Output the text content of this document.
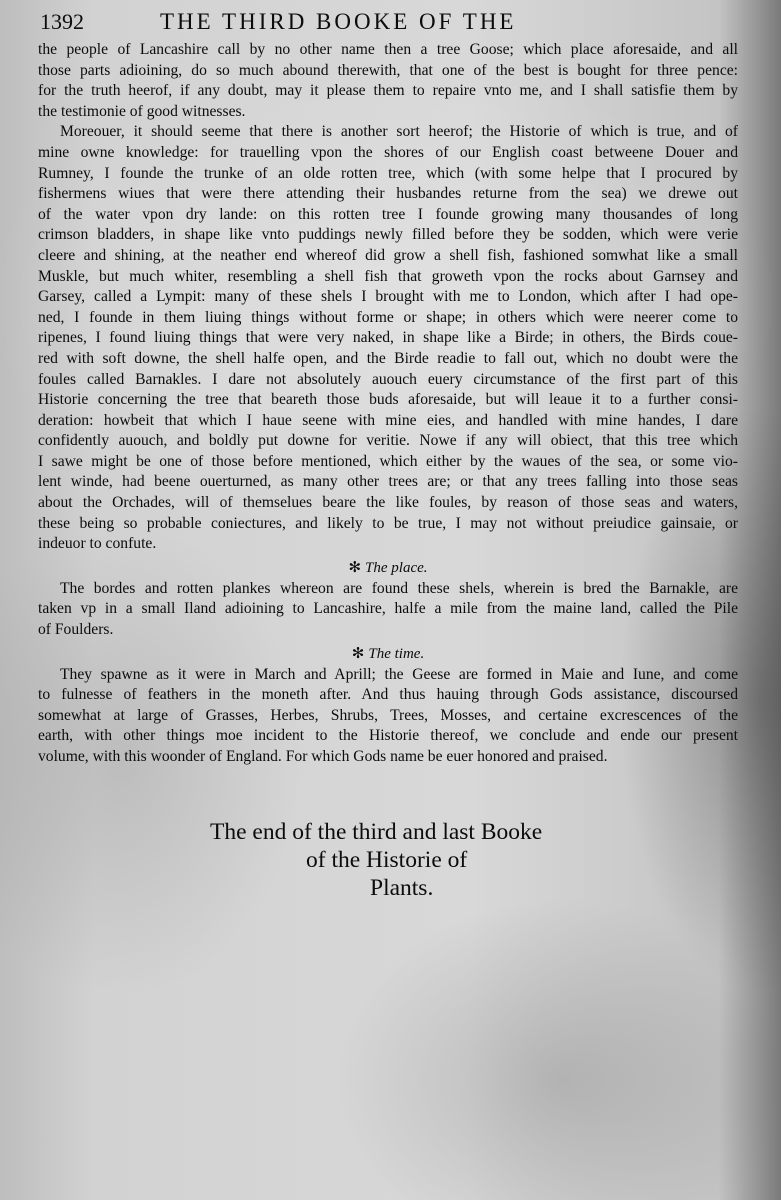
1392	THE THIRD BOOKE OF THE
the people of Lancashire call by no other name then a tree Goose; which place aforesaide, and all
those parts adioining, do so much abound therewith, that one of the best is bought for three pence:
for the truth heerof, if any doubt, may it please them to repaire vnto me, and I shall satisfie them by
the testimonie of good witnesses.
Moreouer, it should seeme that there is another sort heerof; the Historie of which is true, and of
mine owne knowledge: for trauelling vpon the shores of our English coast betweene Douer and
Rumney, I founde the trunke of an olde rotten tree, which (with some helpe that I procured by
fishermens wiues that were there attending their husbandes returne from the sea) we drewe out
of the water vpon dry lande: on this rotten tree I founde growing many thousandes of long
crimson bladders, in shape like vnto puddings newly filled before they be sodden, which were verie
cleere and shining, at the neather end whereof did grow a shell fish, fashioned somwhat like a small
Muskle, but much whiter, resembling a shell fish that groweth vpon the rocks about Garnsey and
Garsey, called a Lympit: many of these shels I brought with me to London, which after I had ope-
ned, I founde in them liuing things without forme or shape; in others which were neerer come to
ripenes, I found liuing things that were very naked, in shape like a Birde; in others, the Birds coue-
red with soft downe, the shell halfe open, and the Birde readie to fall out, which no doubt were the
foules called Barnakles. I dare not absolutely auouch euery circumstance of the first part of this
Historie concerning the tree that beareth those buds aforesaide, but will leaue it to a further consi-
deration: howbeit that which I haue seene with mine eies, and handled with mine handes, I dare
confidently auouch, and boldly put downe for veritie. Nowe if any will obiect, that this tree which
I sawe might be one of those before mentioned, which either by the waues of the sea, or some vio-
lent winde, had beene ouerturned, as many other trees are; or that any trees falling into those seas
about the Orchades, will of themselues beare the like foules, by reason of those seas and waters,
these being so probable coniectures, and likely to be true, I may not without preiudice gainsaie, or
indeuor to confute.
✻ The place.
The bordes and rotten plankes whereon are found these shels, wherein is bred the Barnakle, are
taken vp in a small Iland adioining to Lancashire, halfe a mile from the maine land, called the Pile
of Foulders.
✻ The time.
They spawne as it were in March and Aprill; the Geese are formed in Maie and Iune, and come
to fulnesse of feathers in the moneth after. And thus hauing through Gods assistance, discoursed
somewhat at large of Grasses, Herbes, Shrubs, Trees, Mosses, and certaine excrescences of the
earth, with other things moe incident to the Historie thereof, we conclude and ende our present
volume, with this woonder of England. For which Gods name be euer honored and praised.
The end of the third and last Booke
of the Historie of
Plants.
